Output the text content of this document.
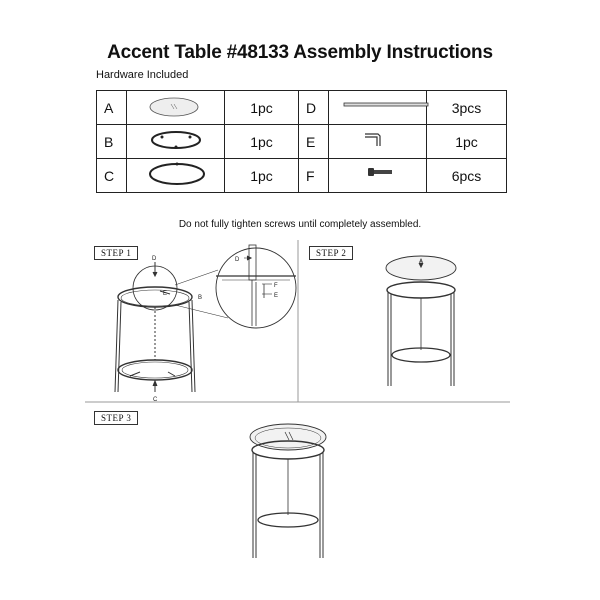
Accent Table #48133 Assembly Instructions
Hardware Included
A		1pc	D		3pcs
B		1pc	E		1pc
C		1pc	F		6pcs
Do not fully tighten screws until completely assembled.
D
E
B
C
D
F
E
A
STEP 1	STEP 2
STEP 3
